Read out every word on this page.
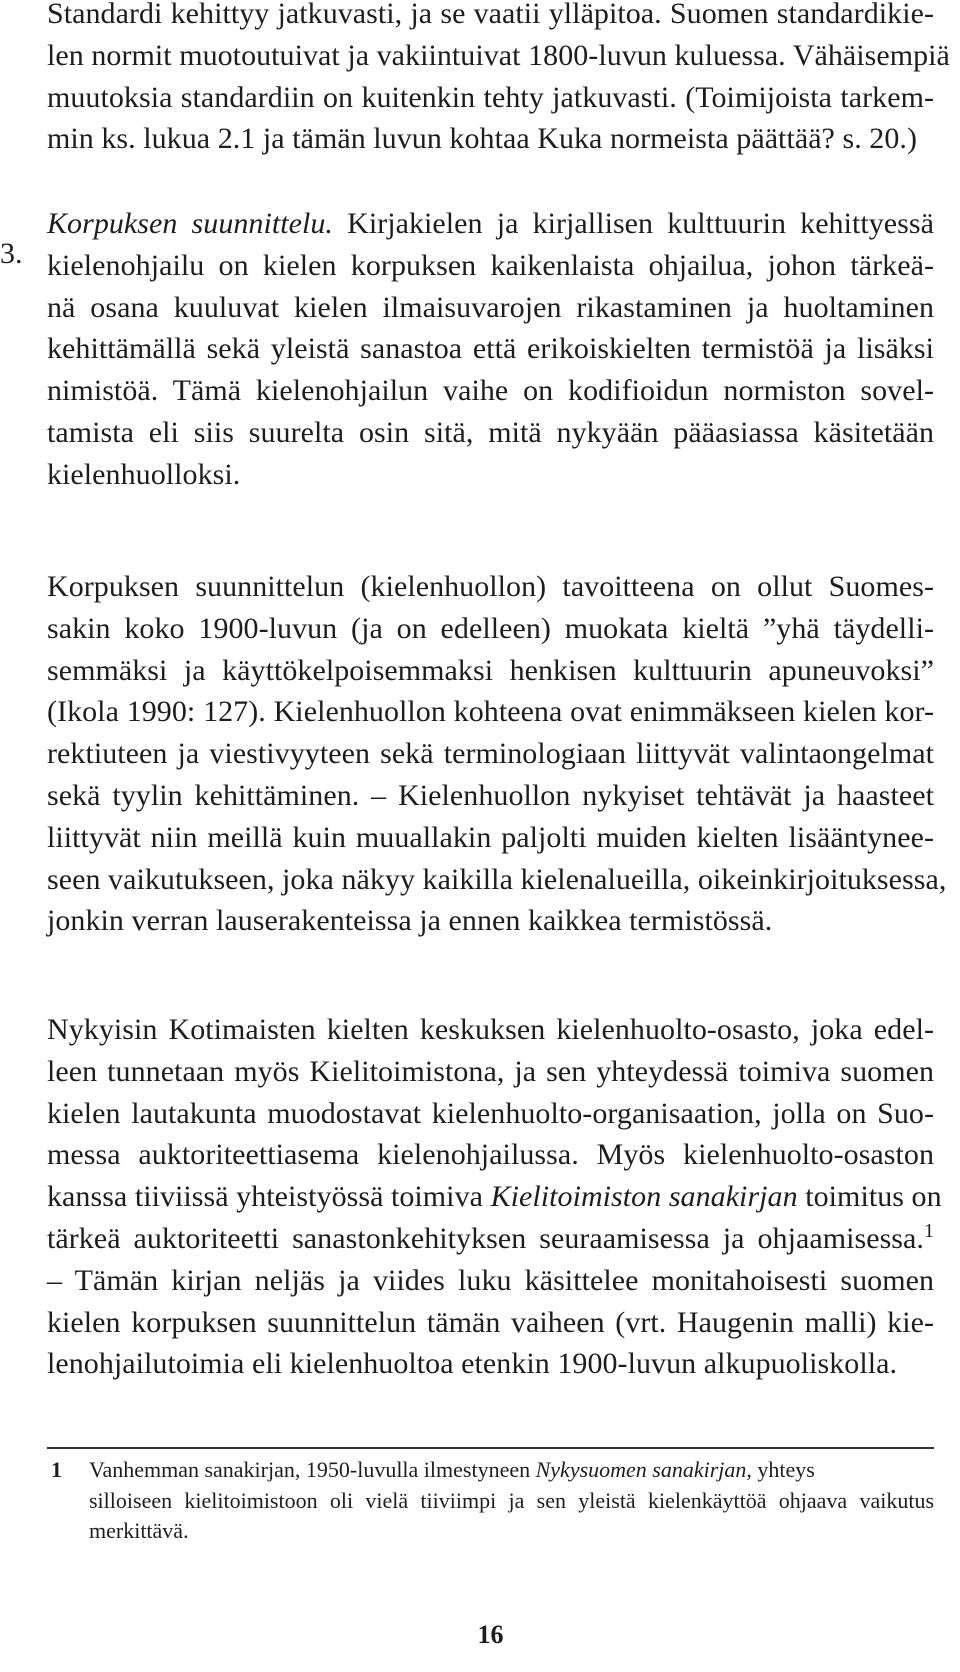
Standardi kehittyy jatkuvasti, ja se vaatii ylläpitoa. Suomen standardikie-
len normit muotoutuivat ja vakiintuivat 1800-luvun kuluessa. Vähäisempiä
muutoksia standardiin on kuitenkin tehty jatkuvasti. (Toimijoista tarkem-
min ks. lukua 2.1 ja tämän luvun kohtaa Kuka normeista päättää? s. 20.)
3.
Korpuksen suunnittelu. Kirjakielen ja kirjallisen kulttuurin kehittyessä
kielenohjailu on kielen korpuksen kaikenlaista ohjailua, johon tärkeä-
nä osana kuuluvat kielen ilmaisuvarojen rikastaminen ja huoltaminen
kehittämällä sekä yleistä sanastoa että erikoiskielten termistöä ja lisäksi
nimistöä. Tämä kielenohjailun vaihe on kodifioidun normiston sovel-
tamista eli siis suurelta osin sitä, mitä nykyään pääasiassa käsitetään
kielenhuolloksi.
Korpuksen suunnittelun (kielenhuollon) tavoitteena on ollut Suomes-
sakin koko 1900-luvun (ja on edelleen) muokata kieltä ”yhä täydelli-
semmäksi ja käyttökelpoisemmaksi henkisen kulttuurin apuneuvoksi”
(Ikola 1990: 127). Kielenhuollon kohteena ovat enimmäkseen kielen kor-
rektiuteen ja viestivyyteen sekä terminologiaan liittyvät valintaongelmat
sekä tyylin kehittäminen. – Kielenhuollon nykyiset tehtävät ja haasteet
liittyvät niin meillä kuin muuallakin paljolti muiden kielten lisääntynee-
seen vaikutukseen, joka näkyy kaikilla kielenalueilla, oikeinkirjoituksessa,
jonkin verran lauserakenteissa ja ennen kaikkea termistössä.
Nykyisin Kotimaisten kielten keskuksen kielenhuolto-osasto, joka edel-
leen tunnetaan myös Kielitoimistona, ja sen yhteydessä toimiva suomen
kielen lautakunta muodostavat kielenhuolto-organisaation, jolla on Suo-
messa auktoriteettiasema kielenohjailussa. Myös kielenhuolto-osaston
kanssa tiiviissä yhteistyössä toimiva Kielitoimiston sanakirjan toimitus on
tärkeä auktoriteetti sanastonkehityksen seuraamisessa ja ohjaamisessa.$^1$
– Tämän kirjan neljäs ja viides luku käsittelee monitahoisesti suomen
kielen korpuksen suunnittelun tämän vaiheen (vrt. Haugenin malli) kie-
lenohjailutoimia eli kielenhuoltoa etenkin 1900-luvun alkupuoliskolla.
1 Vanhemman sanakirjan, 1950-luvulla ilmestyneen Nykysuomen sanakirjan, yhteys
silloiseen kielitoimistoon oli vielä tiiviimpi ja sen yleistä kielenkäyttöä ohjaava vaikutus
merkittävä.
16
